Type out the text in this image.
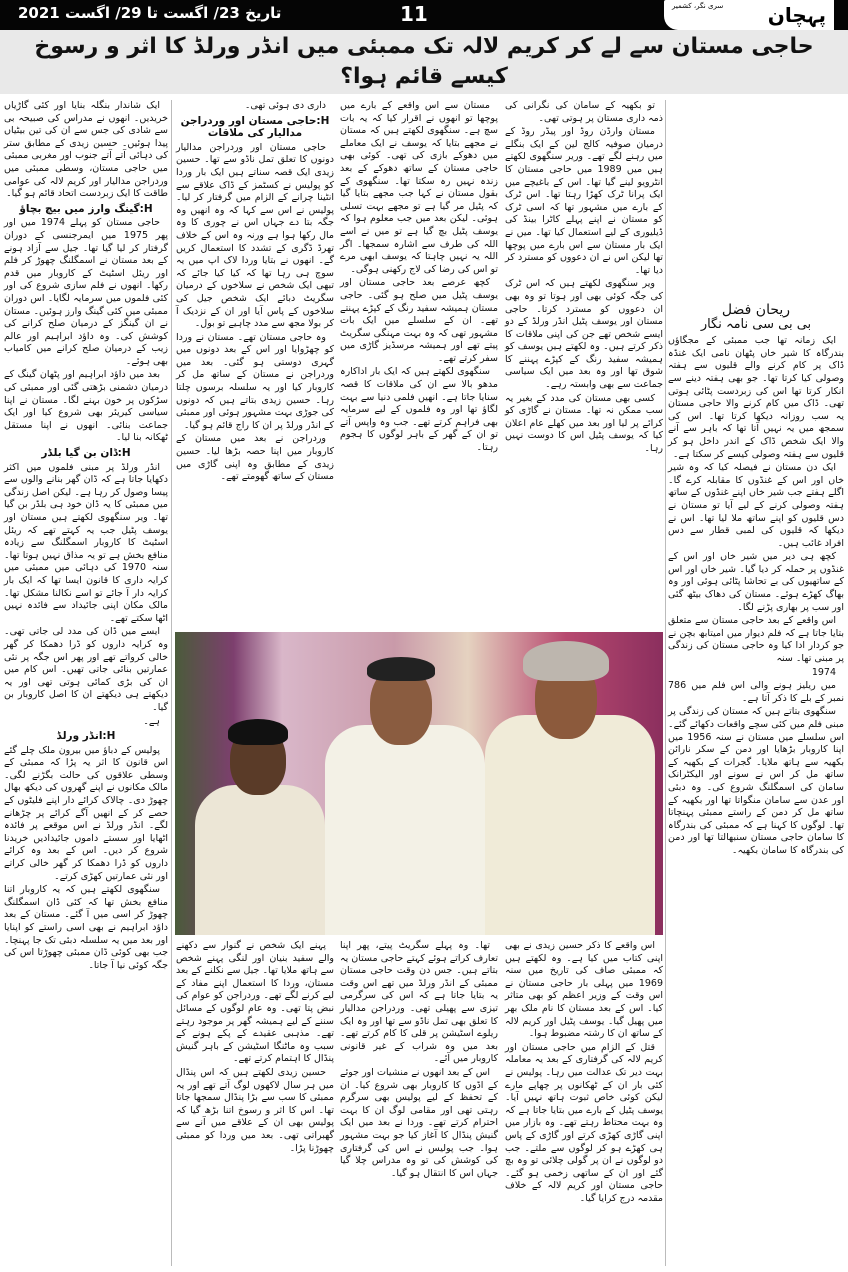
تاریخ 23/ اگست تا 29/ اگست 2021	11	سری نگر، کشمیر پہچان
حاجی مستان سے لے کر کریم لالہ تک ممبئی میں انڈر ورلڈ کا اثر و رسوخ کیسے قائم ہوا؟
ریحان فضل
بی بی سی نامہ نگار

ایک زمانہ تھا جب ممبئی کے مجگاؤں بندرگاہ کا شیر خاں پٹھان نامی ایک غنڈہ ڈاک پر کام کرنے والے قلیوں سے ہفتہ وصولی کیا کرتا تھا۔ جو بھی ہفتہ دینے سے انکار کرتا تھا اس کی زبردست پٹائی ہوتی تھی۔ ڈاک میں کام کرنے والا حاجی مستان یہ سب روزانہ دیکھا کرتا تھا۔ اس کی سمجھ میں یہ نہیں آتا تھا کہ باہر سے آنے والا ایک شخص ڈاک کے اندر داخل ہو کر قلیوں سے ہفتہ وصولی کیسے کر سکتا ہے۔

ایک دن مستان نے فیصلہ کیا کہ وہ شیر خاں اور اس کے غنڈوں کا مقابلہ کرے گا۔ اگلے ہفتے جب شیر خاں اپنے غنڈوں کے ساتھ ہفتہ وصولی کرنے کے لیے آیا تو مستان نے دس قلیوں کو اپنے ساتھ ملا لیا تھا۔ اس نے دیکھا کہ قلیوں کی لمبی قطار سے دس افراد غائب ہیں۔

کچھ ہی دیر میں شیر خاں اور اس کے غنڈوں پر حملہ کر دیا گیا۔ شیر خاں اور اس کے ساتھیوں کی بے تحاشا پٹائی ہوئی اور وہ بھاگ کھڑے ہوئے۔ مستان کی دھاک بیٹھ گئی اور سب پر بھاری پڑنے لگا۔

اس واقعے کے بعد حاجی مستان سے متعلق بتایا جاتا ہے کہ فلم دیوار میں امیتابھ بچن نے جو کردار ادا کیا وہ حاجی مستان کی زندگی پر مبنی تھا۔ سنہ

1974

میں ریلیز ہونے والی اس فلم میں 786 نمبر کے بلے کا ذکر آتا ہے۔

سنگھوی بتاتے ہیں کہ مستان کی زندگی پر مبنی فلم میں کئی سچے واقعات دکھائے گئے۔ اس سلسلے میں مستان نے سنہ 1956 میں اپنا کاروبار بڑھایا اور دمن کے سکر نارائن بکھیہ سے ہاتھ ملایا۔ گجرات کے بکھیہ کے ساتھ مل کر اس نے سونے اور الیکٹرانک سامان کی اسمگلنگ شروع کی۔ وہ دبئی اور عدن سے سامان منگواتا تھا اور بکھیہ کے ساتھ مل کر دمن کے راستے ممبئی پہنچاتا تھا۔ لوگوں کا کہنا ہے کہ ممبئی کی بندرگاہ کا سامان حاجی مستان سنبھالتا تھا اور دمن کی بندرگاہ کا سامان بکھیہ۔

تو بکھیہ کے سامان کی نگرانی کی ذمہ داری مستان پر ہوتی تھی۔

مستان وارڈن روڈ اور پیڈر روڈ کے درمیان صوفیہ کالج لین کے ایک بنگلے میں رہنے لگے تھے۔ وریر سنگھوی لکھتے ہیں میں 1989 میں حاجی مستان کا انٹرویو لینے گیا تھا۔ اس کے باغیچے میں ایک پرانا ٹرک کھڑا رہتا تھا۔ اس ٹرک کے بارے میں مشہور تھا کہ اسی ٹرک کو مستان نے اپنے پہلے کاٹرا بینڈ کی ڈیلیوری کے لیے استعمال کیا تھا۔ میں نے ایک بار مستان سے اس بارے میں پوچھا تھا لیکن اس نے ان دعووں کو مسترد کر دیا تھا۔

ویر سنگھوی لکھتے ہیں کہ اس ٹرک کی جگہ کوئی بھی اور ہوتا تو وہ بھی ان دعووں کو مسترد کرتا۔ حاجی مستان اور یوسف پٹیل انڈر ورلڈ کے دو ایسے شخص تھے جن کی اپنی ملاقات کا ذکر کرتے ہیں۔ وہ لکھتے ہیں یوسف کو ہمیشہ سفید رنگ کے کپڑے پہننے کا شوق تھا اور وہ بعد میں ایک سیاسی جماعت سے بھی وابستہ رہے۔

کسی بھی مستان کی مدد کے بغیر یہ سب ممکن نہ تھا۔ مستان نے گاڑی کو کرائے پر لیا اور بعد میں کھلے عام اعلان کیا کہ یوسف پٹیل اس کا دوست نہیں رہا۔

مستان سے اس واقعے کے بارے میں پوچھا تو انھوں نے اقرار کیا کہ یہ بات سچ ہے۔ سنگھوی لکھتے ہیں کہ مستان نے مجھے بتایا کہ یوسف نے ایک معاملے میں دھوکے بازی کی تھی۔ کوئی بھی حاجی مستان کے ساتھ دھوکے کے بعد زندہ نہیں رہ سکتا تھا۔ سنگھوی کے بقول مستان نے کہا جب مجھے بتایا گیا کہ پٹیل مر گیا ہے تو مجھے بہت تسلی ہوئی۔ لیکن بعد میں جب معلوم ہوا کہ یوسف پٹیل بچ گیا ہے تو میں نے اسے اللہ کی طرف سے اشارہ سمجھا۔ اگر اللہ یہ نہیں چاہتا کہ یوسف ابھی مرے تو اس کی رضا کی لاج رکھنی ہوگی۔

کچھ عرصے بعد حاجی مستان اور یوسف پٹیل میں صلح ہو گئی۔ حاجی مستان ہمیشہ سفید رنگ کے کپڑے پہنتے تھے۔ ان کے سلسلے میں ایک بات مشہور تھی کہ وہ بہت مہنگی سگریٹ پیتے تھے اور ہمیشہ مرسڈیز گاڑی میں سفر کرتے تھے۔

سنگھوی لکھتے ہیں کہ ایک بار اداکارہ مدھو بالا سے ان کی ملاقات کا قصہ سنایا جاتا ہے۔ انھیں فلمی دنیا سے بہت لگاؤ تھا اور وہ فلموں کے لیے سرمایہ بھی فراہم کرتے تھے۔ جب وہ واپس آتے تو ان کے گھر کے باہر لوگوں کا ہجوم رہتا۔

داری دی ہوئی تھی۔

H:حاجی مستان اور وردراجن مدالیار کی ملاقات

حاجی مستان اور وردراجن مدالیار دونوں کا تعلق تمل ناڈو سے تھا۔ حسین زیدی ایک قصہ سناتے ہیں ایک بار وردا کو پولیس نے کسٹمز کے ڈاک علاقے سے انٹینا چرانے کے الزام میں گرفتار کر لیا۔ پولیس نے اس سے کہا کہ وہ انھیں وہ جگہ بتا دے جہاں اس نے چوری کا وہ مال رکھا ہوا ہے ورنہ وہ اس کے خلاف تھرڈ ڈگری کے تشدد کا استعمال کریں گے۔ انھوں نے بتایا وردا لاک اپ میں یہ سوچ ہی رہا تھا کہ کیا کیا جائے کہ تبھی ایک شخص نے سلاخوں کے درمیان سگریٹ دبائے ایک شخص جیل کی سلاخوں کے پاس آیا اور ان کے نزدیک آ کر بولا مجھ سے مدد چاہیے تو بول۔

وہ حاجی مستان تھے۔ مستان نے وردا کو چھڑوایا اور اس کے بعد دونوں میں گہری دوستی ہو گئی۔ بعد میں وردراجن نے مستان کے ساتھ مل کر کاروبار کیا اور یہ سلسلہ برسوں چلتا رہا۔ حسین زیدی بتاتے ہیں کہ دونوں کی جوڑی بہت مشہور ہوئی اور ممبئی کے انڈر ورلڈ پر ان کا راج قائم ہو گیا۔

وردراجن نے بعد میں مستان کے کاروبار میں اپنا حصہ بڑھا لیا۔ حسین زیدی کے مطابق وہ اپنی گاڑی میں مستان کے ساتھ گھومتے تھے۔

ایک شاندار بنگلہ بنایا اور کئی گاڑیاں خریدیں۔ انھوں نے مدراس کی صبیحہ بی سے شادی کی جس سے ان کی تین بیٹیاں پیدا ہوئیں۔ حسین زیدی کے مطابق ستر کی دہائی آتے آتے جنوب اور مغربی ممبئی میں حاجی مستان، وسطی ممبئی میں وردراجن مدالیار اور کریم لالہ کی عوامی طاقت کا ایک زبردست اتحاد قائم ہو گیا۔

H:گینگ وارز میں بیچ بچاؤ

حاجی مستان کو پہلے 1974 میں اور پھر 1975 میں ایمرجنسی کے دوران گرفتار کر لیا گیا تھا۔ جیل سے آزاد ہونے کے بعد مستان نے اسمگلنگ چھوڑ کر فلم اور ریئل اسٹیٹ کے کاروبار میں قدم رکھا۔ انھوں نے فلم سازی شروع کی اور کئی فلموں میں سرمایہ لگایا۔ اس دوران ممبئی میں کئی گینگ وارز ہوئیں۔ مستان نے ان گینگز کے درمیان صلح کرانے کی کوشش کی۔ وہ داؤد ابراہیم اور عالم زیب کے درمیان صلح کرانے میں کامیاب بھی ہوئے۔

بعد میں داؤد ابراہیم اور پٹھان گینگ کے درمیان دشمنی بڑھتی گئی اور ممبئی کی سڑکوں پر خون بہنے لگا۔ مستان نے اپنا سیاسی کیریئر بھی شروع کیا اور ایک جماعت بنائی۔ انھوں نے اپنا مستقل ٹھکانہ بنا لیا۔

H:ڈان بن گیا بلڈر

انڈر ورلڈ پر مبنی فلموں میں اکثر دکھایا جاتا ہے کہ ڈان گھر بنانے والوں سے پیسا وصول کر رہا ہے۔ لیکن اصل زندگی میں ممبئی کا یہ ڈان خود ہی بلڈر بن گیا تھا۔ ویر سنگھوی لکھتے ہیں مستان اور یوسف پٹیل جب یہ کہتے تھے کہ ریئل اسٹیٹ کا کاروبار اسمگلنگ سے زیادہ منافع بخش ہے تو یہ مذاق نہیں ہوتا تھا۔ سنہ 1970 کی دہائی میں ممبئی میں کرایہ داری کا قانون ایسا تھا کہ ایک بار کرایہ دار آ جائے تو اسے نکالنا مشکل تھا۔ مالک مکان اپنی جائیداد سے فائدہ نہیں اٹھا سکتے تھے۔

ایسے میں ڈان کی مدد لی جاتی تھی۔ وہ کرایہ داروں کو ڈرا دھمکا کر گھر خالی کرواتے تھے اور پھر اس جگہ پر نئی عمارتیں بنائی جاتی تھیں۔ اس کام میں ان کی بڑی کمائی ہوتی تھی اور یہ دیکھتے ہی دیکھتے ان کا اصل کاروبار بن گیا۔

ہے۔

H:انڈر ورلڈ

پولیس کے دباؤ میں بیرون ملک چلے گئے اس قانون کا اثر یہ پڑا کہ ممبئی کے وسطی علاقوں کی حالت بگڑنے لگی۔ مالک مکانوں نے اپنے گھروں کی دیکھ بھال چھوڑ دی۔ چالاک کرائے دار اپنے فلیٹوں کے حصے کر کے انھیں آگے کرائے پر چڑھانے لگے۔ انڈر ورلڈ نے اس موقعے پر فائدہ اٹھایا اور سستے داموں جائیدادیں خریدنا شروع کر دیں۔ اس کے بعد وہ کرائے داروں کو ڈرا دھمکا کر گھر خالی کراتے اور نئی عمارتیں کھڑی کرتے۔

سنگھوی لکھتے ہیں کہ یہ کاروبار اتنا منافع بخش تھا کہ کئی ڈان اسمگلنگ چھوڑ کر اسی میں آ گئے۔ مستان کے بعد داؤد ابراہیم نے بھی اسی راستے کو اپنایا اور بعد میں یہ سلسلہ دبئی تک جا پہنچا۔ جب بھی کوئی ڈان ممبئی چھوڑتا اس کی جگہ کوئی نیا آ جاتا۔

اس واقعے کا ذکر حسین زیدی نے بھی اپنی کتاب میں کیا ہے۔ وہ لکھتے ہیں کہ ممبئی صاف کی تاریخ میں سنہ 1969 میں پہلی بار حاجی مستان نے اس وقت کے وزیر اعظم کو بھی متاثر کیا۔ اس کے بعد مستان کا نام ملک بھر میں پھیل گیا۔ یوسف پٹیل اور کریم لالہ کے ساتھ ان کا رشتہ مضبوط ہوا۔

قتل کے الزام میں حاجی مستان اور کریم لالہ کی گرفتاری کے بعد یہ معاملہ بہت دیر تک عدالت میں رہا۔ پولیس نے کئی بار ان کے ٹھکانوں پر چھاپے مارے لیکن کوئی خاص ثبوت ہاتھ نہیں آیا۔ یوسف پٹیل کے بارے میں بتایا جاتا ہے کہ وہ بہت محتاط رہتے تھے۔ وہ بازار میں اپنی گاڑی کھڑی کرتے اور گاڑی کے پاس ہی کھڑے ہو کر لوگوں سے ملتے۔ جب دو لوگوں نے ان پر گولی چلائی تو وہ بچ گئے اور ان کے ساتھی زخمی ہو گئے۔ حاجی مستان اور کریم لالہ کے خلاف مقدمہ درج کرایا گیا۔

تھا۔ وہ پہلے سگریٹ پیتے، پھر اپنا تعارف کراتے ہوئے کہتے حاجی مستان یہ بتاتے ہیں۔ جس دن وقت حاجی مستان ممبئی کے انڈر ورلڈ میں تھے اس وقت یہ بتایا جاتا ہے کہ اس کی سرگرمی تیزی سے پھیلی تھی۔ وردراجن مدالیار کا تعلق بھی تمل ناڈو سے تھا اور وہ ایک ریلوے اسٹیشن پر قلی کا کام کرتے تھے۔ بعد میں وہ شراب کے غیر قانونی کاروبار میں آئے۔

اس کے بعد انھوں نے منشیات اور جوئے کے اڈوں کا کاروبار بھی شروع کیا۔ ان کے تحفظ کے لیے پولیس بھی سرگرم رہتی تھی اور مقامی لوگ ان کا بہت احترام کرتے تھے۔ وردا نے بعد میں ایک گنیش پنڈال کا آغاز کیا جو بہت مشہور ہوا۔ جب پولیس نے اس کی گرفتاری کی کوشش کی تو وہ مدراس چلا گیا جہاں اس کا انتقال ہو گیا۔

پہنے ایک شخص نے گنوار سے دکھنے والے سفید بنیان اور لنگی پہنے شخص سے ہاتھ ملایا تھا۔ جیل سے نکلنے کے بعد مستان، وردا کا استعمال اپنے مفاد کے لیے کرنے لگے تھے۔ وردراجن کو عوام کی نبض پتا تھی۔ وہ عام لوگوں کے مسائل سننے کے لیے ہمیشہ گھر پر موجود رہتے تھے۔ مذہبی عقیدے کے پکے ہونے کے سبب وہ ماٹنگا اسٹیشن کے باہر گنیش پنڈال کا اہتمام کرتے تھے۔

حسین زیدی لکھتے ہیں کہ اس پنڈال میں ہر سال لاکھوں لوگ آتے تھے اور یہ ممبئی کا سب سے بڑا پنڈال سمجھا جاتا تھا۔ اس کا اثر و رسوخ اتنا بڑھ گیا کہ پولیس بھی ان کے علاقے میں آنے سے گھبراتی تھی۔ بعد میں وردا کو ممبئی چھوڑنا پڑا۔
